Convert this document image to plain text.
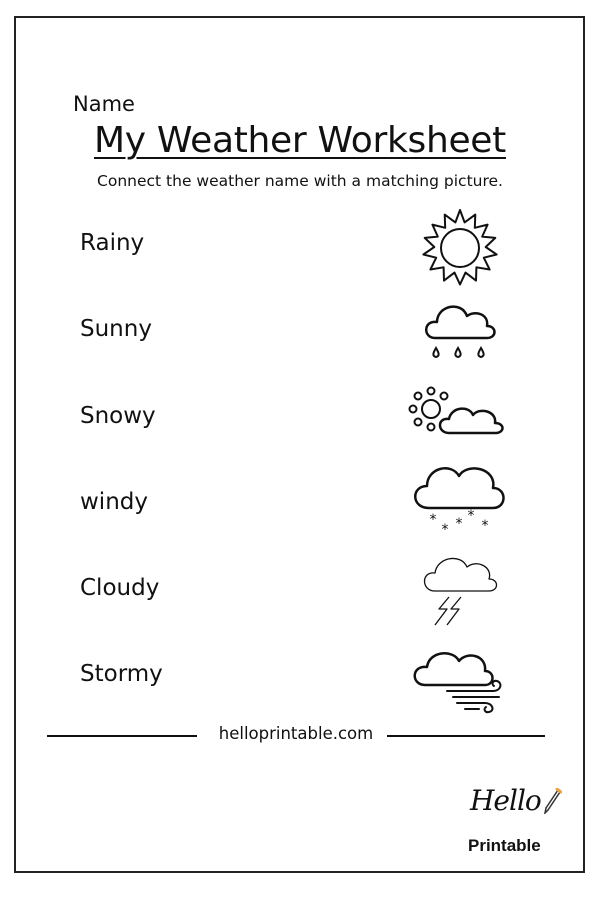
Name
My Weather Worksheet
Connect the weather name with a matching picture.
Rainy
Sunny
Snowy
windy
Cloudy
Stormy
*
* * *
*
helloprintable.com
Hello
Printable
